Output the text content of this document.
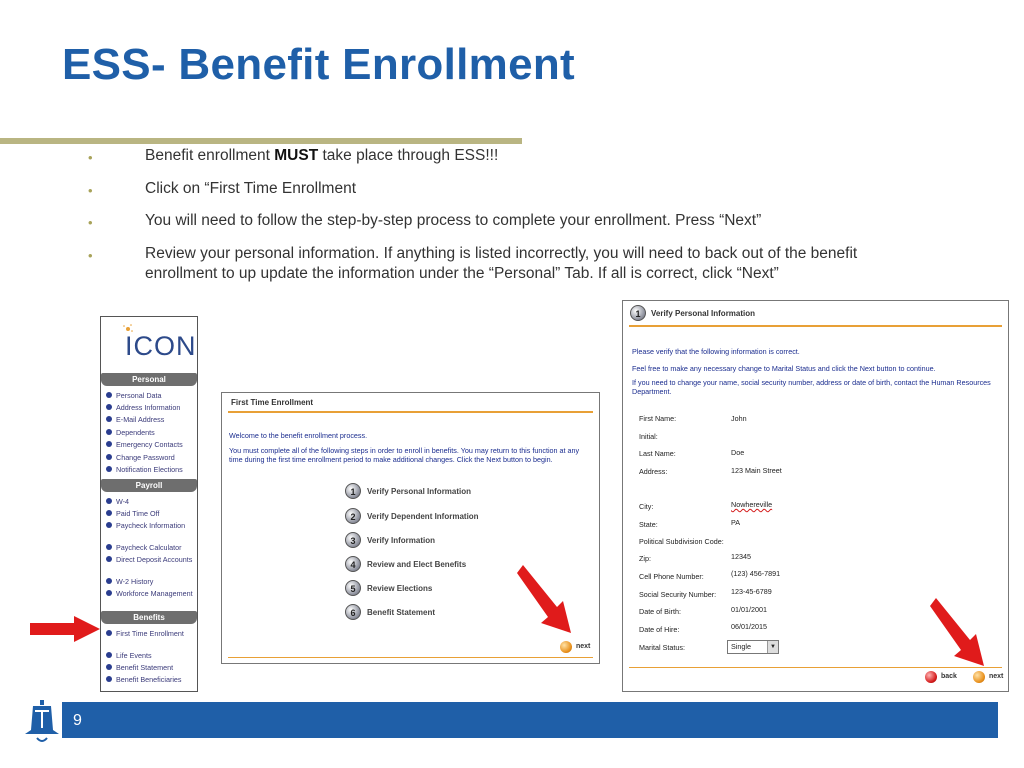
ESS- Benefit Enrollment
•	Benefit enrollment MUST take place through ESS!!!
•	Click on “First Time Enrollment
•	You will need to follow the step-by-step process to complete your enrollment. Press “Next”
•	Review your personal information. If anything is listed incorrectly, you will need to back out of the benefit
enrollment to up update the information under the “Personal” Tab. If all is correct, click “Next”
ICON
Personal
Personal Data
Address Information
E-Mail Address
Dependents
Emergency Contacts
Change Password
Notification Elections
Payroll
W-4
Paid Time Off
Paycheck Information
Paycheck Calculator
Direct Deposit Accounts
W-2 History
Workforce Management
Benefits
First Time Enrollment
Life Events
Benefit Statement
Benefit Beneficiaries
First Time Enrollment
Welcome to the benefit enrollment process.
You must complete all of the following steps in order to enroll in benefits. You may return to this function at any time during the first time enrollment period to make additional changes. Click the Next button to begin.
1	Verify Personal Information
2	Verify Dependent Information
3	Verify Information
4	Review and Elect Benefits
5	Review Elections
6	Benefit Statement
next
1	Verify Personal Information
Please verify that the following information is correct.
Feel free to make any necessary change to Marital Status and click the Next button to continue.
If you need to change your name, social security number, address or date of birth, contact the Human Resources Department.
First Name:	John
Initial:
Last Name:	Doe
Address:	123 Main Street
City:	Nowhereville
State:	PA
Political Subdivision Code:
Zip:	12345
Cell Phone Number:	(123) 456-7891
Social Security Number: 123-45-6789
Date of Birth:	01/01/2001
Date of Hire:	06/01/2015
Marital Status:	Single	▼
back	next
9
